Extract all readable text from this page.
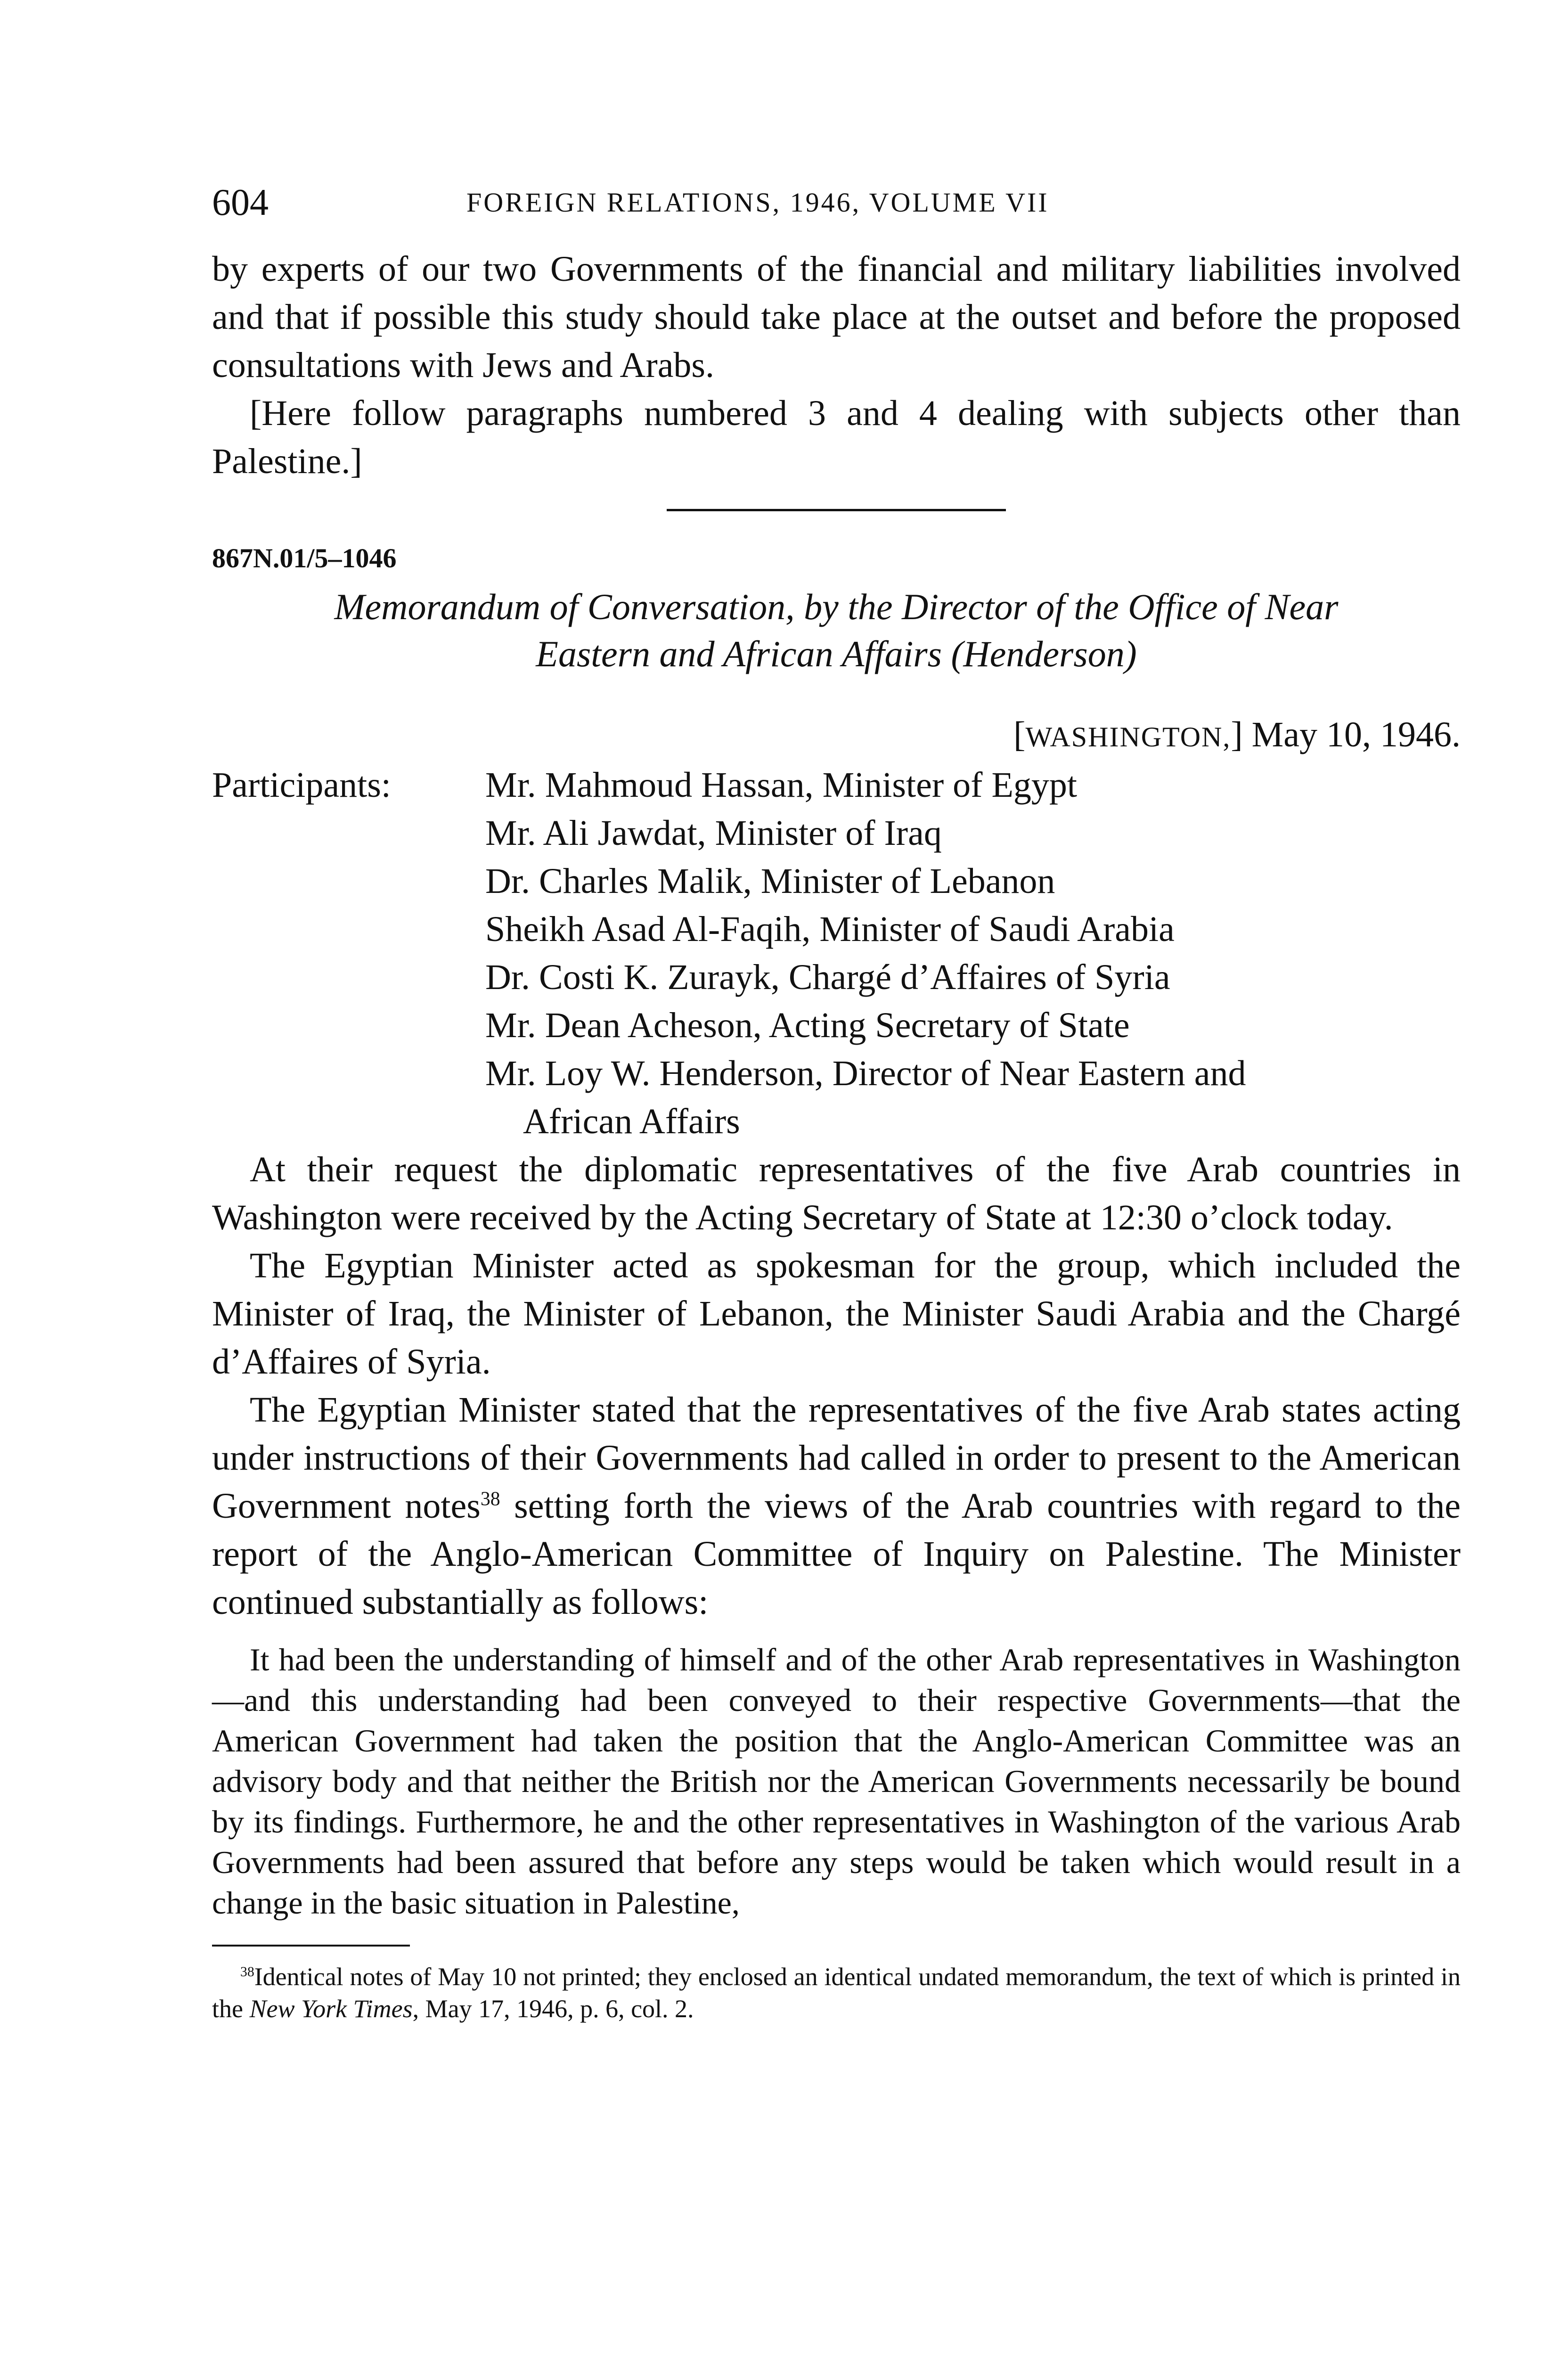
604	FOREIGN RELATIONS, 1946, VOLUME VII

by experts of our two Governments of the financial and military liabilities involved and that if possible this study should take place at the outset and before the proposed consultations with Jews and Arabs.

[Here follow paragraphs numbered 3 and 4 dealing with subjects other than Palestine.]

867N.01/5–1046

Memorandum of Conversation, by the Director of the Office of Near
Eastern and African Affairs (Henderson)

[WASHINGTON,] May 10, 1946.

Participants:	Mr. Mahmoud Hassan, Minister of Egypt
Mr. Ali Jawdat, Minister of Iraq
Dr. Charles Malik, Minister of Lebanon
Sheikh Asad Al-Faqih, Minister of Saudi Arabia
Dr. Costi K. Zurayk, Chargé d’Affaires of Syria
Mr. Dean Acheson, Acting Secretary of State
Mr. Loy W. Henderson, Director of Near Eastern and
African Affairs

At their request the diplomatic representatives of the five Arab countries in Washington were received by the Acting Secretary of State at 12:30 o’clock today.

The Egyptian Minister acted as spokesman for the group, which included the Minister of Iraq, the Minister of Lebanon, the Minister Saudi Arabia and the Chargé d’Affaires of Syria.

The Egyptian Minister stated that the representatives of the five Arab states acting under instructions of their Governments had called in order to present to the American Government notes$^{38}$ setting forth the views of the Arab countries with regard to the report of the Anglo-American Committee of Inquiry on Palestine. The Minister continued substantially as follows:

It had been the understanding of himself and of the other Arab representatives in Washington—and this understanding had been conveyed to their respective Governments—that the American Government had taken the position that the Anglo-American Committee was an advisory body and that neither the British nor the American Governments necessarily be bound by its findings. Furthermore, he and the other representatives in Washington of the various Arab Governments had been assured that before any steps would be taken which would result in a change in the basic situation in Palestine,

$^{38}$Identical notes of May 10 not printed; they enclosed an identical undated memorandum, the text of which is printed in the New York Times, May 17, 1946, p. 6, col. 2.
